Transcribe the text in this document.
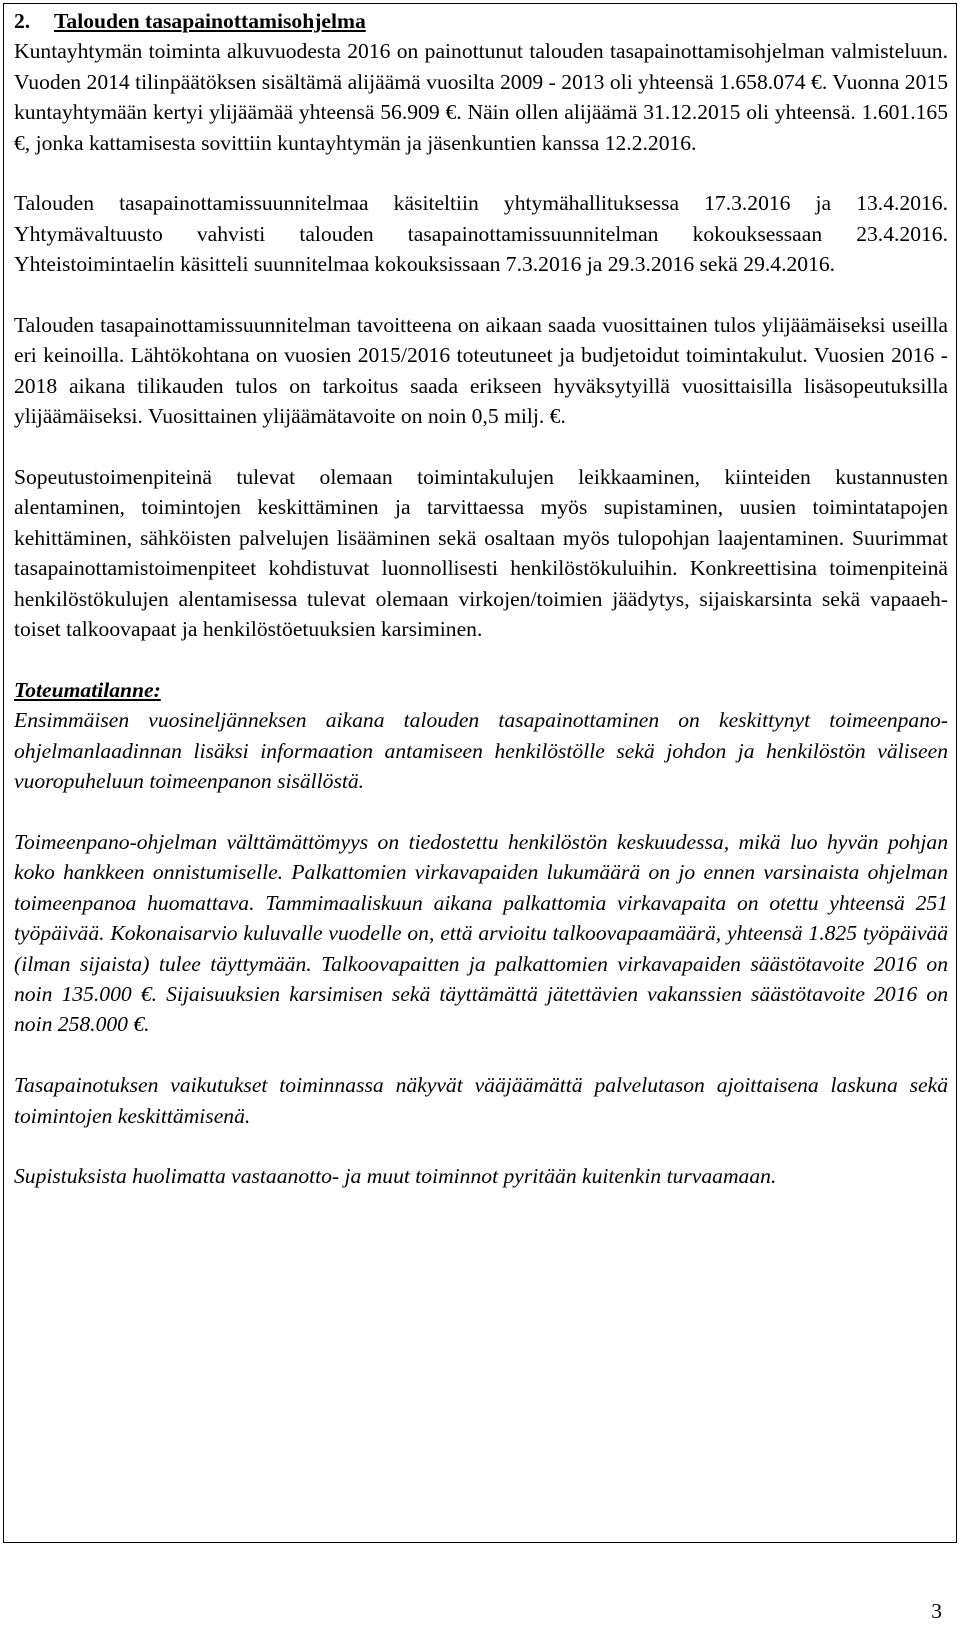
2. Talouden tasapainottamisohjelma

Kuntayhtymän toiminta alkuvuodesta 2016 on painottunut talouden tasapainottamisohjelman valmisteluun. Vuoden 2014 tilinpäätöksen sisältämä alijäämä vuosilta 2009 - 2013 oli yhteensä 1.658.074 €. Vuonna 2015 kuntayhtymään kertyi ylijäämää yhteensä 56.909 €. Näin ollen alijäämä 31.12.2015 oli yhteensä. 1.601.165 €, jonka kattamisesta sovittiin kuntayhtymän ja jäsenkuntien kanssa 12.2.2016.

Talouden tasapainottamissuunnitelmaa käsiteltiin yhtymähallituksessa 17.3.2016 ja 13.4.2016. Yhtymävaltuusto vahvisti talouden tasapainottamissuunnitelman kokouksessaan 23.4.2016. Yhteistoimintaelin käsitteli suunnitelmaa kokouksissaan 7.3.2016 ja 29.3.2016 sekä 29.4.2016.

Talouden tasapainottamissuunnitelman tavoitteena on aikaan saada vuosittainen tulos ylijäämäiseksi useilla eri keinoilla. Lähtökohtana on vuosien 2015/2016 toteutuneet ja budjetoidut toimintakulut. Vuosien 2016 - 2018 aikana tilikauden tulos on tarkoitus saada erikseen hyväksytyillä vuosittaisilla lisäsopeutuksilla ylijäämäiseksi. Vuosittainen ylijäämätavoite on noin 0,5 milj. €.

Sopeutustoimenpiteinä tulevat olemaan toimintakulujen leikkaaminen, kiinteiden kustannusten alentaminen, toimintojen keskittäminen ja tarvittaessa myös supistaminen, uusien toimintatapojen kehittäminen, sähköisten palvelujen lisääminen sekä osaltaan myös tulopohjan laajentaminen. Suurimmat tasapainottamistoimenpiteet kohdistuvat luonnollisesti henkilöstökuluihin. Konkreettisina toimenpiteinä henkilöstökulujen alentamisessa tulevat olemaan virkojen/toimien jäädytys, sijaiskarsinta sekä vapaaehtoiset talkoovapaat ja henkilöstöetuuksien karsiminen.

Toteumatilanne:

Ensimmäisen vuosineljänneksen aikana talouden tasapainottaminen on keskittynyt toimeenpano-ohjelmanlaadinnan lisäksi informaation antamiseen henkilöstölle sekä johdon ja henkilöstön väliseen vuoropuheluun toimeenpanon sisällöstä.

Toimeenpano-ohjelman välttämättömyys on tiedostettu henkilöstön keskuudessa, mikä luo hyvän pohjan koko hankkeen onnistumiselle. Palkattomien virkavapaiden lukumäärä on jo ennen varsinaista ohjelman toimeenpanoa huomattava. Tammimaaliskuun aikana palkattomia virkavapaita on otettu yhteensä 251 työpäivää. Kokonaisarvio kuluvalle vuodelle on, että arvioitu talkoovapaamäärä, yhteensä 1.825 työpäivää (ilman sijaista) tulee täyttymään. Talkoovapaitten ja palkattomien virkavapaiden säästötavoite 2016 on noin 135.000 €. Sijaisuuksien karsimisen sekä täyttämättä jätettävien vakanssien säästötavoite 2016 on noin 258.000 €.

Tasapainotuksen vaikutukset toiminnassa näkyvät vääjäämättä palvelutason ajoittaisena laskuna sekä toimintojen keskittämisenä.

Supistuksista huolimatta vastaanotto- ja muut toiminnot pyritään kuitenkin turvaamaan.

3
